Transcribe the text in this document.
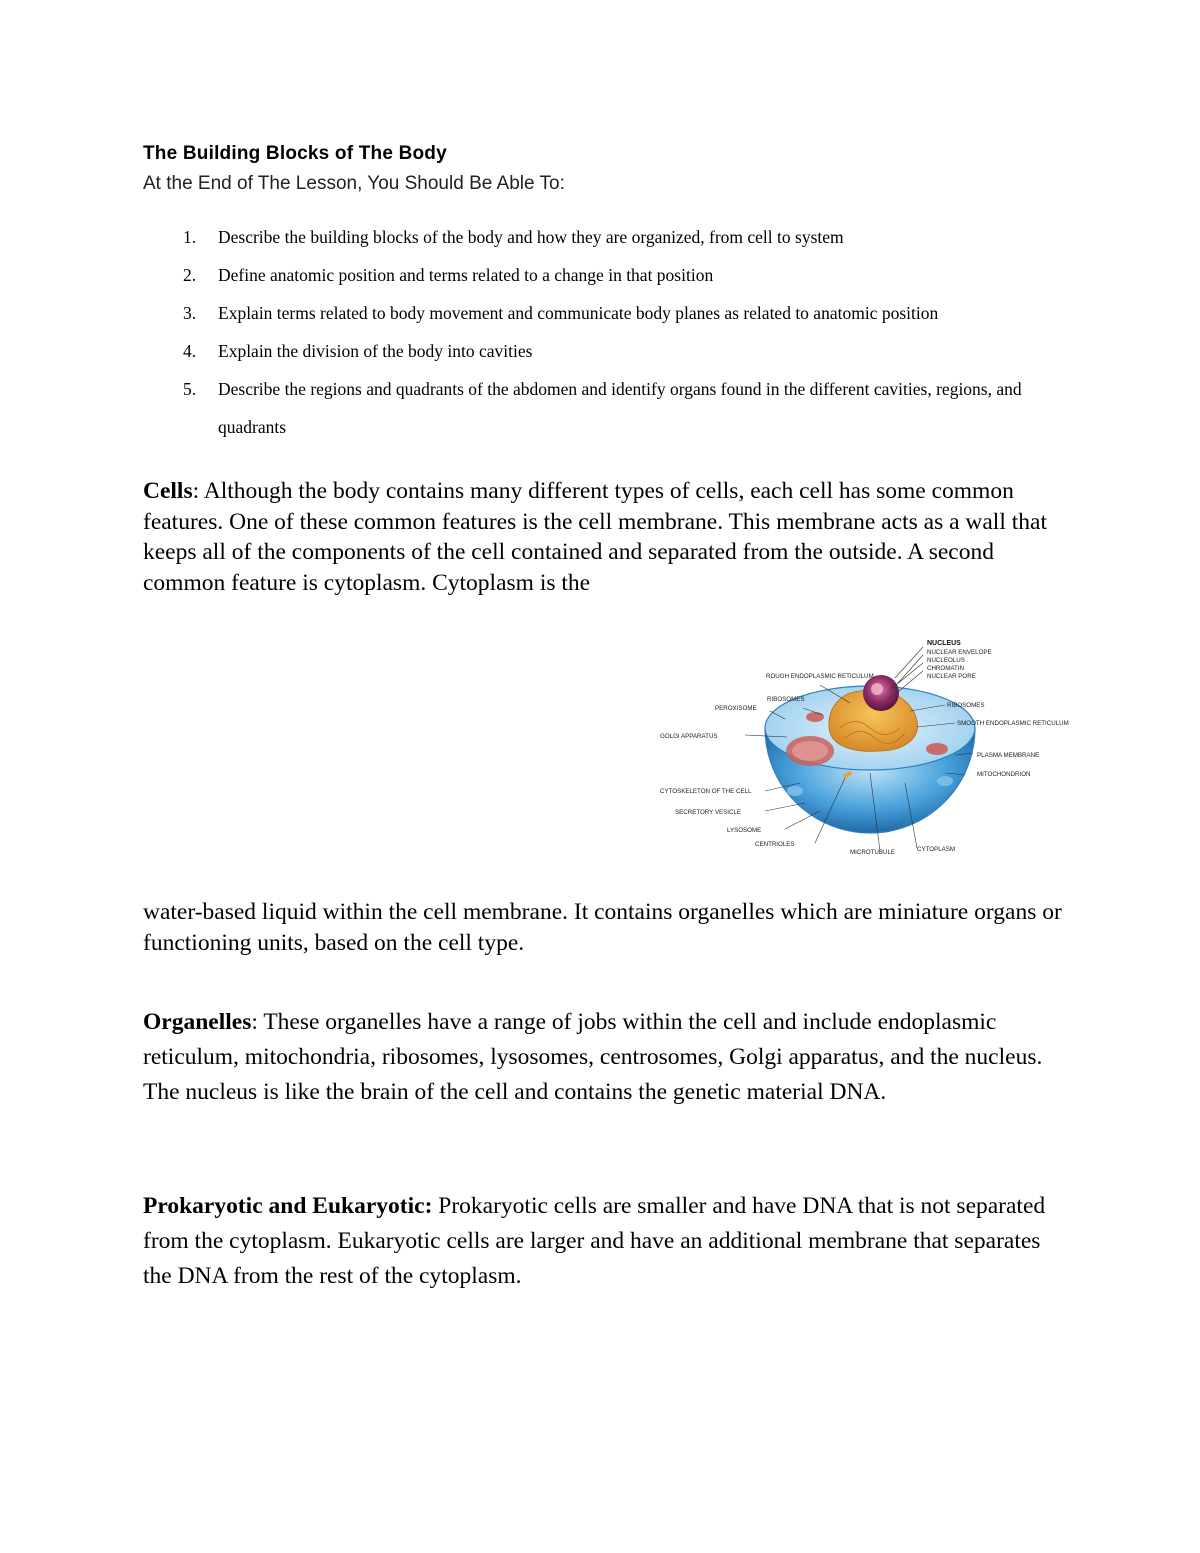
The Building Blocks of The Body

At the End of The Lesson, You Should Be Able To:

1. Describe the building blocks of the body and how they are organized, from cell to system
2. Define anatomic position and terms related to a change in that position
3. Explain terms related to body movement and communicate body planes as related to anatomic position
4. Explain the division of the body into cavities
5. Describe the regions and quadrants of the abdomen and identify organs found in the different cavities, regions, and quadrants

Cells: Although the body contains many different types of cells, each cell has some common features. One of these common features is the cell membrane. This membrane acts as a wall that keeps all of the components of the cell contained and separated from the outside. A second common feature is cytoplasm. Cytoplasm is the

NUCLEUS
NUCLEAR ENVELOPE
NUCLEOLUS
CHROMATIN
NUCLEAR PORE
ROUGH ENDOPLASMIC RETICULUM
RIBOSOMES
PEROXISOME	RIBOSOMES
SMOOTH ENDOPLASMIC RETICULUM
GOLGI APPARATUS
PLASMA MEMBRANE
MITOCHONDRION
CYTOSKELETON OF THE CELL
SECRETORY VESICLE
LYSOSOME
CENTRIOLES
MICROTUBULE	CYTOPLASM

water-based liquid within the cell membrane. It contains organelles which are miniature organs or functioning units, based on the cell type.

Organelles: These organelles have a range of jobs within the cell and include endoplasmic reticulum, mitochondria, ribosomes, lysosomes, centrosomes, Golgi apparatus, and the nucleus. The nucleus is like the brain of the cell and contains the genetic material DNA.

Prokaryotic and Eukaryotic: Prokaryotic cells are smaller and have DNA that is not separated from the cytoplasm. Eukaryotic cells are larger and have an additional membrane that separates the DNA from the rest of the cytoplasm.
